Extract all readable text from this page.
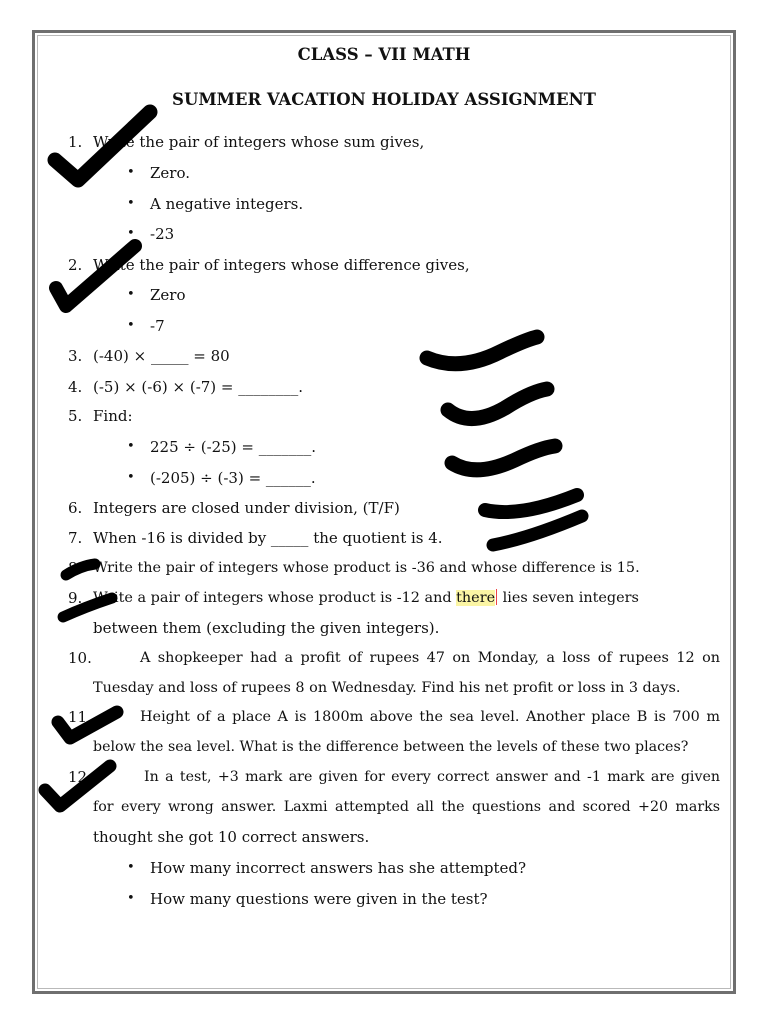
CLASS – VII MATH
SUMMER VACATION HOLIDAY ASSIGNMENT
1. Write the pair of integers whose sum gives,
• Zero.
• A negative integers.
• -23
2. Write the pair of integers whose difference gives,
• Zero
• -7
3. (-40) × _____ = 80
4. (-5) × (-6) × (-7) = ________.
5. Find:
• 225 ÷ (-25) = _______.
• (-205) ÷ (-3) = ______.
6. Integers are closed under division, (T/F)
7. When -16 is divided by _____ the quotient is 4.
8. Write the pair of integers whose product is -36 and whose difference is 15.
9. Write a pair of integers whose product is -12 and there lies seven integers
between them (excluding the given integers).
10.	A shopkeeper had a profit of rupees 47 on Monday, a loss of rupees 12 on
Tuesday and loss of rupees 8 on Wednesday. Find his net profit or loss in 3 days.
11.	Height of a place A is 1800m above the sea level. Another place B is 700 m
below the sea level. What is the difference between the levels of these two places?
12.	In a test, +3 mark are given for every correct answer and -1 mark are given
for every wrong answer. Laxmi attempted all the questions and scored +20 marks
thought she got 10 correct answers.
• How many incorrect answers has she attempted?
• How many questions were given in the test?
